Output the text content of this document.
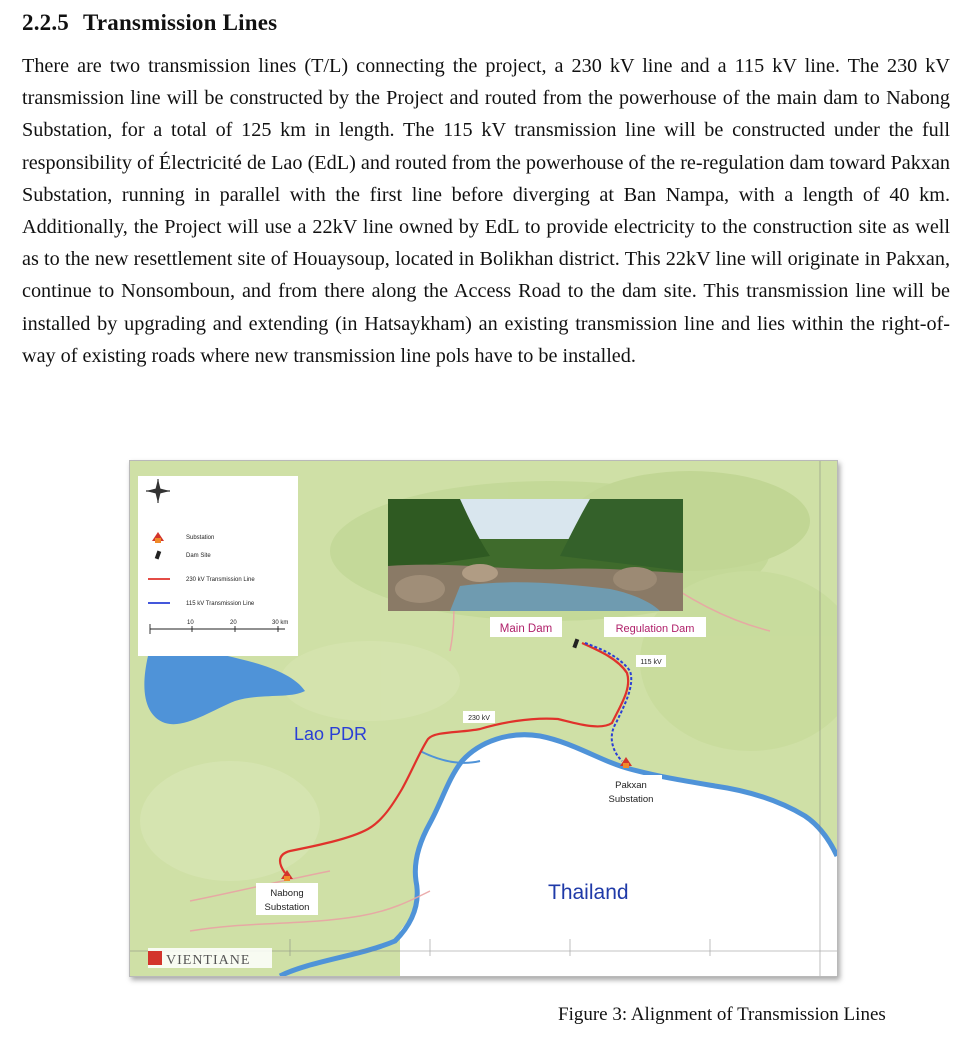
2.2.5 Transmission Lines

There are two transmission lines (T/L) connecting the project, a 230 kV line and a 115 kV line. The 230 kV transmission line will be constructed by the Project and routed from the powerhouse of the main dam to Nabong Substation, for a total of 125 km in length. The 115 kV transmission line will be constructed under the full responsibility of Électricité de Lao (EdL) and routed from the powerhouse of the re-regulation dam toward Pakxan Substation, running in parallel with the first line before diverging at Ban Nampa, with a length of 40 km. Additionally, the Project will use a 22kV line owned by EdL to provide electricity to the construction site as well as to the new resettlement site of Houaysoup, located in Bolikhan district. This 22kV line will originate in Pakxan, continue to Nonsomboun, and from there along the Access Road to the dam site. This transmission line will be installed by upgrading and extending (in Hatsaykham) an existing transmission line and lies within the right-of-way of existing roads where new transmission line pols have to be installed.

Substation
Dam Site
230 kV Transmission Line
115 kV Transmission Line
10	20	30 km	Main Dam	Regulation Dam
115 kV
230 kV
Lao PDR
Thailand
Pakxan
Substation
Nabong
Substation
VIENTIANE
Figure 3: Alignment of Transmission Lines
